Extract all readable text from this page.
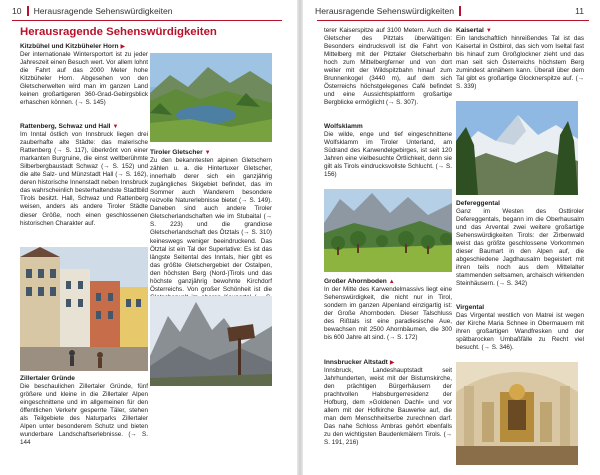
10 Herausragende Sehenswürdigkeiten
Herausragende Sehenswürdigkeiten
Kitzbühel und Kitzbüheler Horn ▶

Der internationale Wintersportort ist zu jeder Jahreszeit einen Besuch wert. Vor allem lohnt die Fahrt auf das 2000 Meter hohe Kitzbüheler Horn. Abgesehen von den Gletscherwelten wird man im ganzen Land keinen großartigeren 360-Grad-Gebirgsblick erhaschen können. (→ S. 145)

Rattenberg, Schwaz und Hall ▼

Im Inntal östlich von Innsbruck liegen drei zauberhafte alte Städte: das malerische Rattenberg (→ S. 117), überkrönt von einer markanten Burgruine, die einst weltberühmte Silberbergbaustadt Schwaz (→ S. 152) und die alte Salz- und Münzstadt Hall (→ S. 162), deren historische Innenstadt neben Innsbruck das wahrscheinlich besterhaltendste Stadtbild Tirols besitzt. Hall, Schwaz und Rattenberg weisen, anders als andere Tiroler Städte dieser Größe, noch einen geschlossenen historischen Charakter auf.

Tiroler Gletscher ▼

Zu den bekanntesten alpinen Gletschern zählen u. a. die Hintertuxer Gletscher, innerhalb derer sich ein ganzjährig zugängliches Skigebiet befindet, das im Sommer auch Wanderern besondere reizvolle Naturerlebnisse bietet (→ S. 149). Daneben sind auch andere Tiroler Gletscherlandschaften wie im Stubaital (→ S. 223) und die grandiose Gletscherlandschaft des Ötztals (→ S. 310) keineswegs weniger beeindruckend. Das Ötztal ist ein Tal der Superlative: Es ist das längste Seitental des Inntals, hier gibt es das größte Gletschergebiet der Ostalpen, den höchsten Berg (Nord-)Tirols und das höchste ganzjährig bewohnte Kirchdorf Österreichs. Von großer Schönheit ist die

Zillertaler Gründe

Die beschaulichen Zillertaler Gründe, fünf größere und kleine in die Zillertaler Alpen eingeschnittene und im allgemeinen für den öffentlichen Verkehr gesperrte Täler, stehen als Teilgebiete des Naturparks Zillertaler Alpen unter besonderem Schutz und bieten wunderbare Landschaftserlebnisse. (→ S. 144

Herausragende Sehenswürdigkeiten	11

terer Kaiserspitze auf 3100 Metern. Auch die Gletscher des Pitztals überwältigen: Besonders eindrucksvoll ist die Fahrt von Mittelberg mit der Pitztaler Gletscherbahn hoch zum Mittelbergferner und von dort weiter mit der Wildspitzbahn hinauf zum Brunnenkogel (3440 m), auf dem sich Österreichs höchstgelegenes Café befindet und eine Aussichtsplattform großartige Bergblicke ermöglicht (→ S. 307).

Wolfsklamm

Die wilde, enge und tief eingeschnittene Wolfsklamm im Tiroler Unterland, am Südrand des Karwendelgebirges, ist seit 120 Jahren eine vielbesuchte Örtlichkeit, denn sie gilt als Tirols eindrucksvollste Schlucht. (→ S. 156)

Großer Ahornboden ▲

In der Mitte des Karwendelmassivs liegt eine Sehenswürdigkeit, die nicht nur in Tirol, sondern im ganzen Alpenland einzigartig ist: der Große Ahornboden. Dieser Talschluss des Rißtals ist eine paradiesische Aue, bewachsen mit 2500 Ahornbäumen, die 300 bis 600 Jahre alt sind. (→ S. 172)

Innsbrucker Altstadt ▶

Innsbruck, Landeshauptstadt seit Jahrhunderten, weist mit der Bistumskirche, den prächtigen Bürgerhäusern der prachtvollen Habsburgerresidenz der Hofburg, dem »Goldenen Dachl« und vor allem mit der Hofkirche Bauwerke auf, die man dem Menschheitserbe zurechnen darf. Das nahe Schloss Ambras gehört ebenfalls zu den wichtigsten Baudenkmälern Tirols. (→ S. 191, 216)

Kaisertal ▼

Ein landschaftlich hinreißendes Tal ist das Kaisertal in Ostbirol, das sich vom Iseltal fast bis hinauf zum Großglockner zieht und das man seit sich Österreichs höchstem Berg zumindest annähern kann. Überall über dem Tal gibt es großartige Glocknerspitze auf. (→ S. 339)

Defereggental

Ganz im Westen des Osttiroler Defereggentals, begann im die Oberhausalm und das Arvental zwei weitere großartige Sehenswürdigkeiten Tirols: der Zirbenwald weist das größte geschlossene Vorkommen dieser Baumart in den Alpen auf, die abgeschiedene Jagdhausalm begeistert mit ihren teils noch aus dem Mittelalter stammenden seltsamen, archaisch wirkenden Steinhäusern. (→ S. 342)

Virgental

Das Virgental westlich von Matrei ist wegen der Kirche Maria Schnee in Obermauern mit ihren großartigen Wandfresken und der spätbarocken Umbaßfälle zu Recht viel besucht. (→ S. 346).
